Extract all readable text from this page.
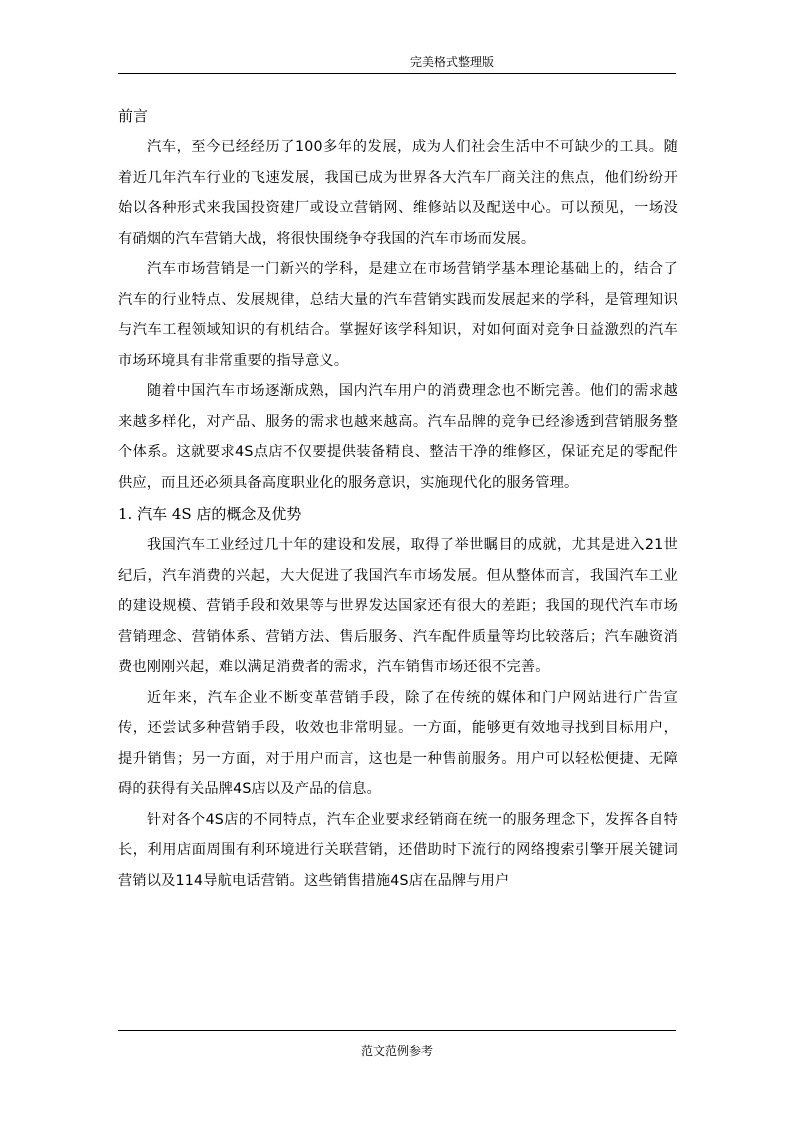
完美格式整理版

前言

汽车，至今已经经历了100多年的发展，成为人们社会生活中不可缺少的工具。随着近几年汽车行业的飞速发展，我国已成为世界各大汽车厂商关注的焦点，他们纷纷开始以各种形式来我国投资建厂或设立营销网、维修站以及配送中心。可以预见，一场没有硝烟的汽车营销大战，将很快围绕争夺我国的汽车市场而发展。

汽车市场营销是一门新兴的学科，是建立在市场营销学基本理论基础上的，结合了汽车的行业特点、发展规律，总结大量的汽车营销实践而发展起来的学科，是管理知识与汽车工程领域知识的有机结合。掌握好该学科知识，对如何面对竞争日益激烈的汽车市场环境具有非常重要的指导意义。

随着中国汽车市场逐渐成熟，国内汽车用户的消费理念也不断完善。他们的需求越来越多样化，对产品、服务的需求也越来越高。汽车品牌的竞争已经渗透到营销服务整个体系。这就要求4S点店不仅要提供装备精良、整洁干净的维修区，保证充足的零配件供应，而且还必须具备高度职业化的服务意识，实施现代化的服务管理。

1. 汽车 4S 店的概念及优势

我国汽车工业经过几十年的建设和发展，取得了举世瞩目的成就，尤其是进入21世纪后，汽车消费的兴起，大大促进了我国汽车市场发展。但从整体而言，我国汽车工业的建设规模、营销手段和效果等与世界发达国家还有很大的差距；我国的现代汽车市场营销理念、营销体系、营销方法、售后服务、汽车配件质量等均比较落后；汽车融资消费也刚刚兴起，难以满足消费者的需求，汽车销售市场还很不完善。

近年来，汽车企业不断变革营销手段，除了在传统的媒体和门户网站进行广告宣传，还尝试多种营销手段，收效也非常明显。一方面，能够更有效地寻找到目标用户，提升销售；另一方面，对于用户而言，这也是一种售前服务。用户可以轻松便捷、无障碍的获得有关品牌4S店以及产品的信息。

针对各个4S店的不同特点，汽车企业要求经销商在统一的服务理念下，发挥各自特长，利用店面周围有利环境进行关联营销，还借助时下流行的网络搜索引擎开展关键词营销以及114导航电话营销。这些销售措施4S店在品牌与用户

范文范例参考
